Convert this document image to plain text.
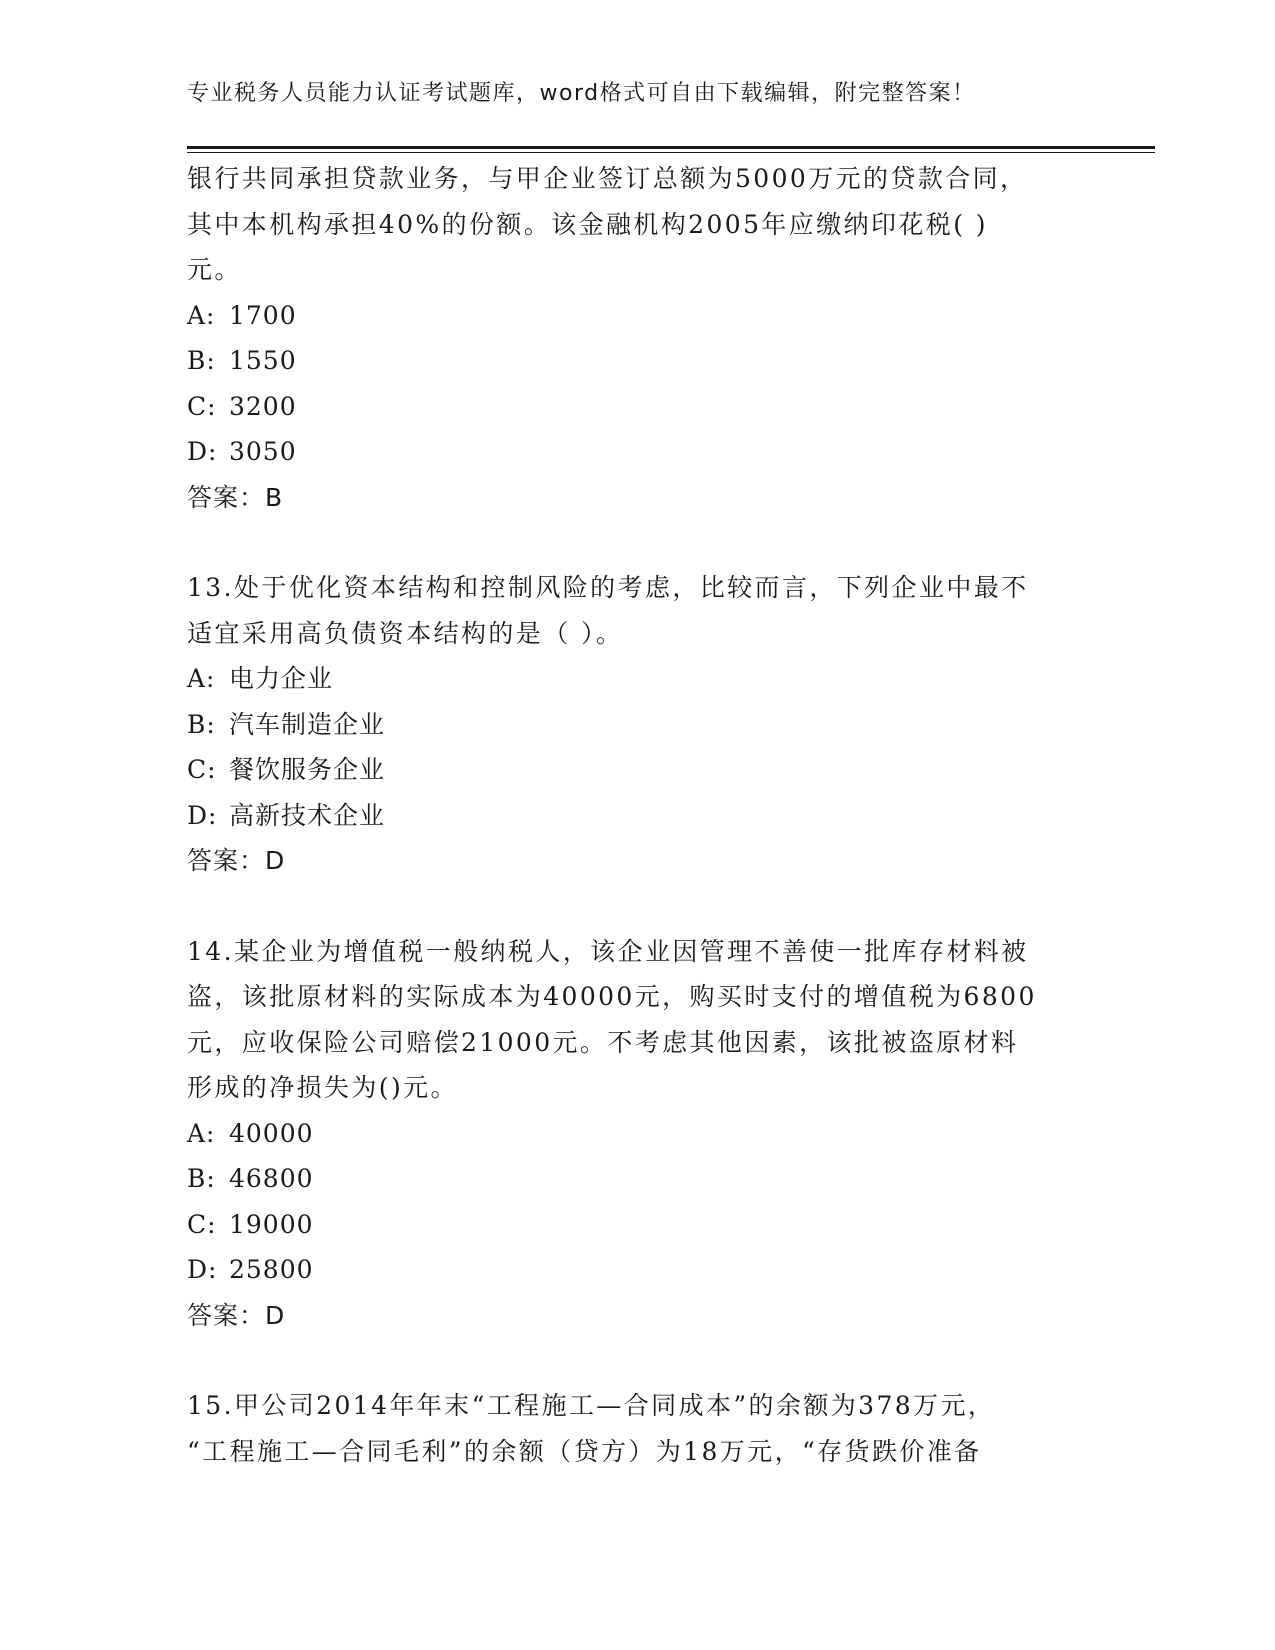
专业税务人员能力认证考试题库，word格式可自由下载编辑，附完整答案！
银行共同承担贷款业务，与甲企业签订总额为5000万元的贷款合同，
其中本机构承担40%的份额。该金融机构2005年应缴纳印花税( )
元。
A: 1700
B: 1550
C: 3200
D: 3050
答案：B
13.处于优化资本结构和控制风险的考虑，比较而言，下列企业中最不
适宜采用高负债资本结构的是（ ）。
A: 电力企业
B: 汽车制造企业
C: 餐饮服务企业
D: 高新技术企业
答案：D
14.某企业为增值税一般纳税人，该企业因管理不善使一批库存材料被
盗，该批原材料的实际成本为40000元，购买时支付的增值税为6800
元，应收保险公司赔偿21000元。不考虑其他因素，该批被盗原材料
形成的净损失为()元。
A: 40000
B: 46800
C: 19000
D: 25800
答案：D
15.甲公司2014年年末“工程施工—合同成本”的余额为378万元，
“工程施工—合同毛利”的余额（贷方）为18万元，“存货跌价准备
